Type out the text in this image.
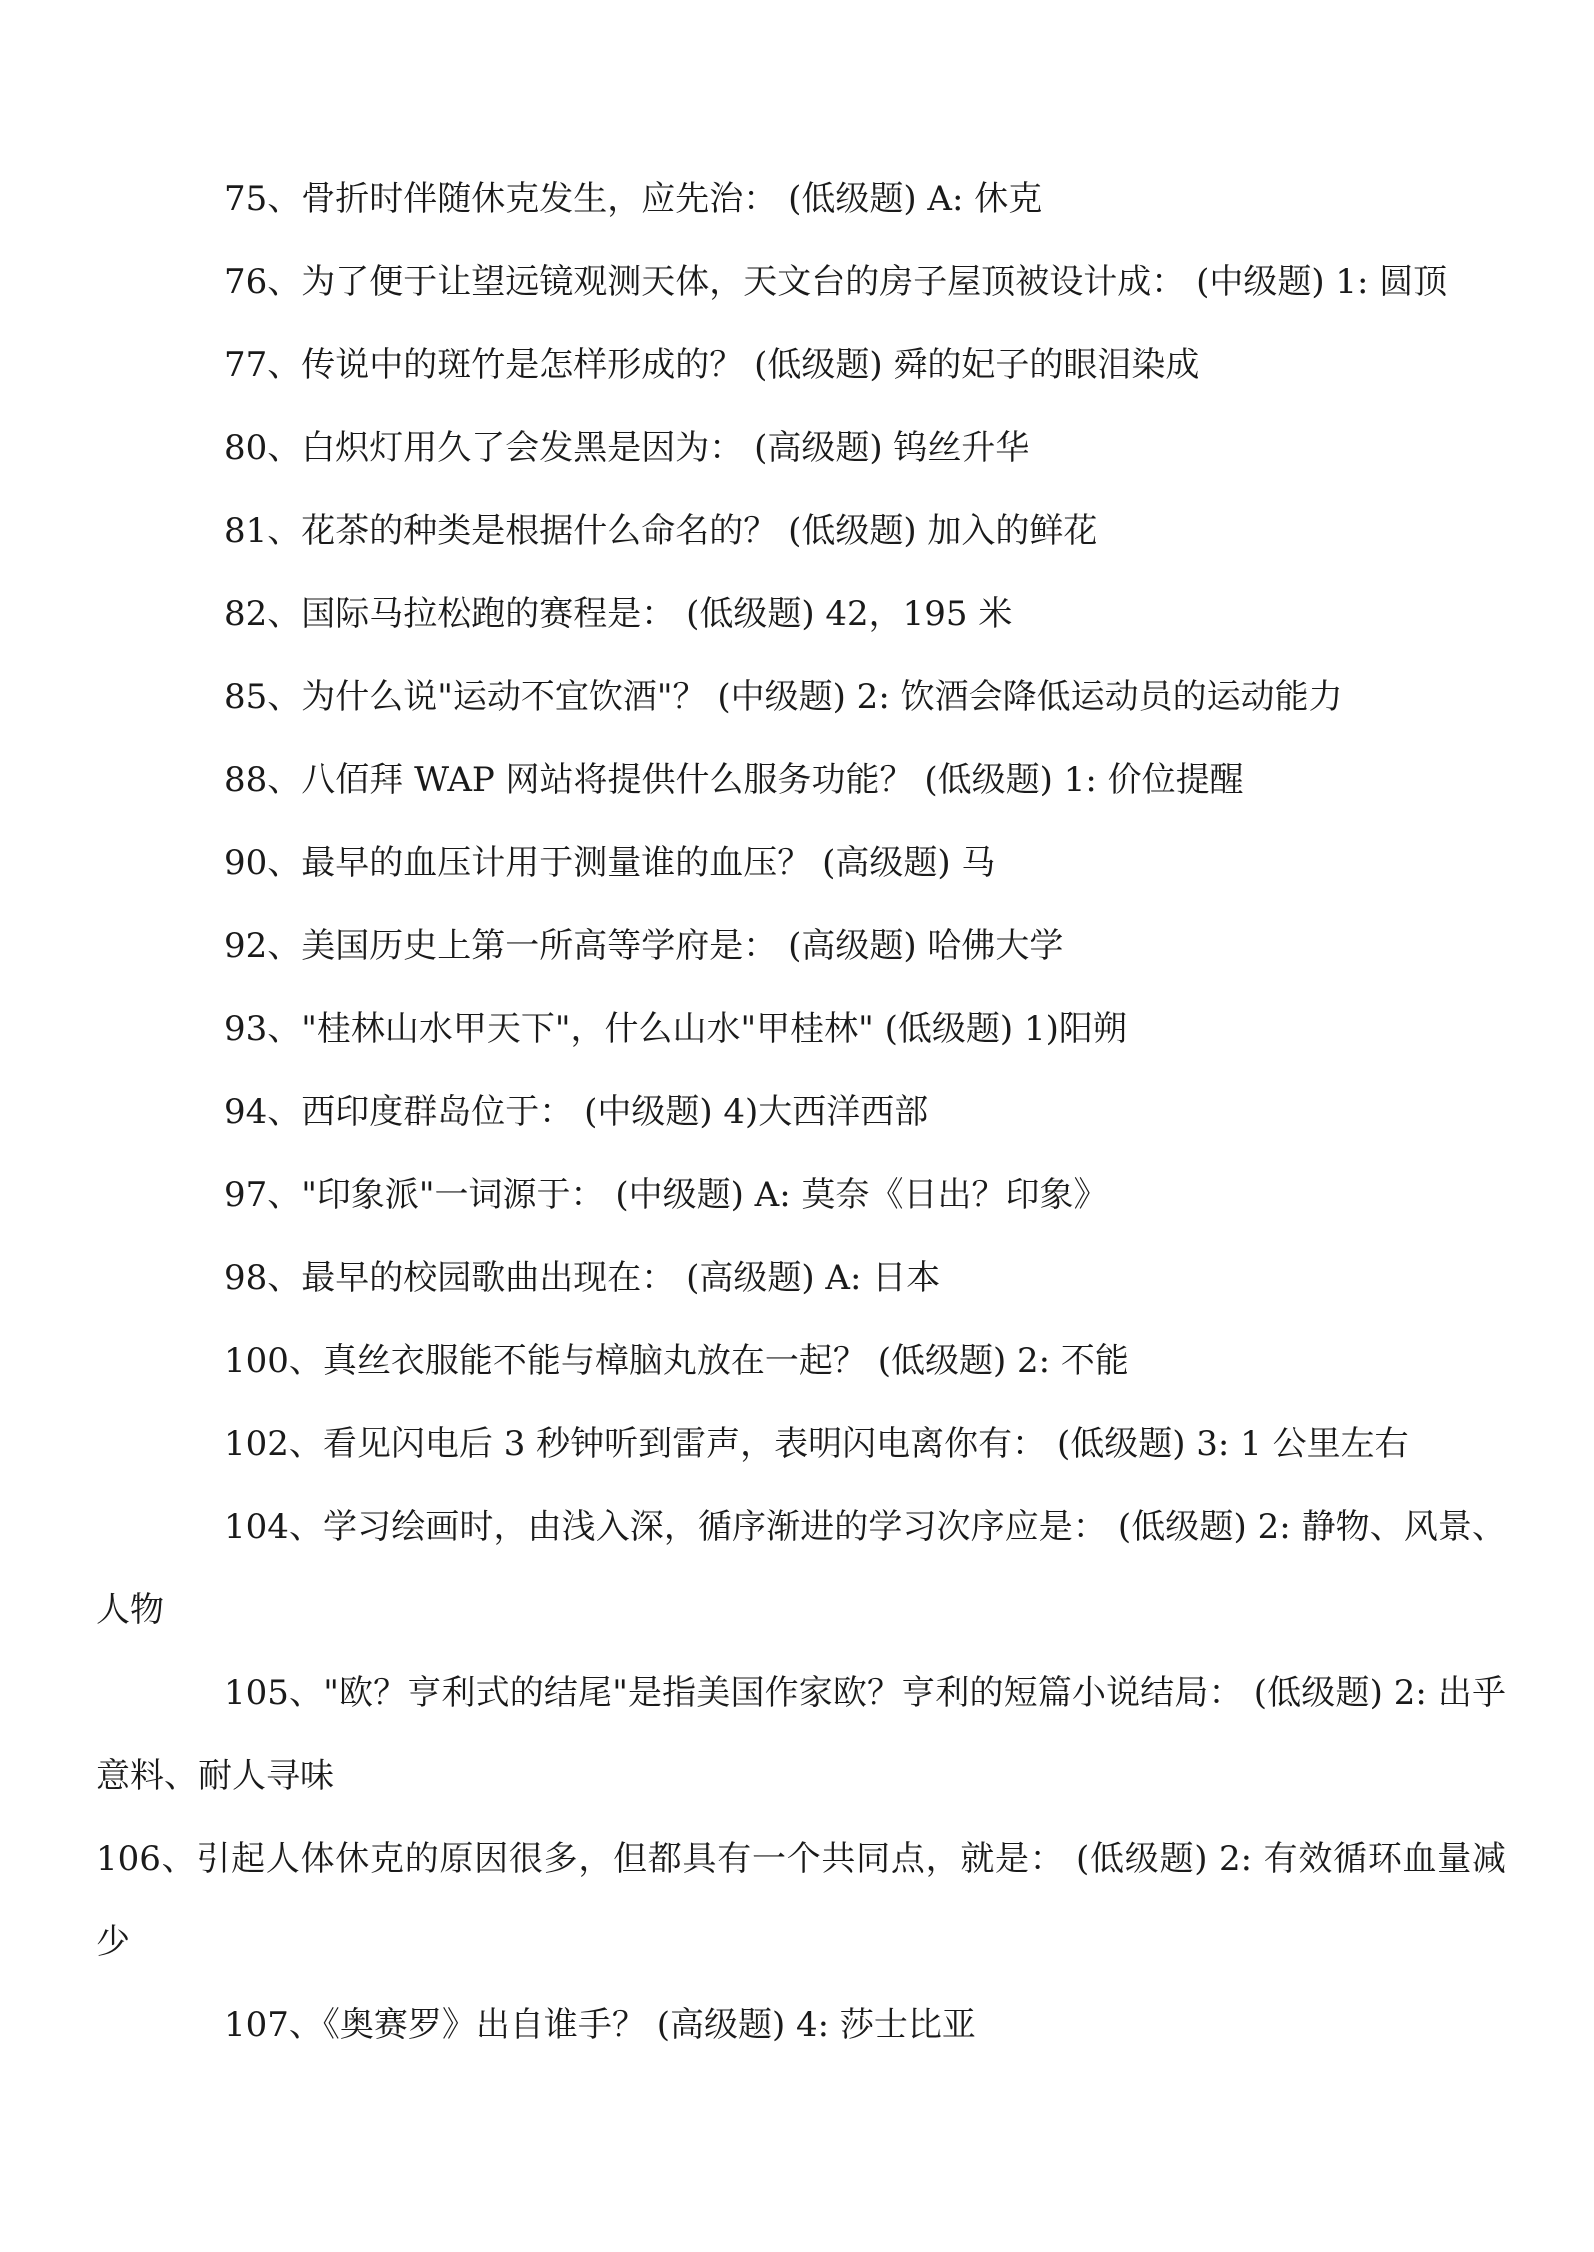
75、骨折时伴随休克发生，应先治： (低级题) A: 休克

76、为了便于让望远镜观测天体，天文台的房子屋顶被设计成： (中级题) 1: 圆顶

77、传说中的斑竹是怎样形成的？ (低级题) 舜的妃子的眼泪染成

80、白炽灯用久了会发黑是因为： (高级题) 钨丝升华

81、花茶的种类是根据什么命名的？ (低级题) 加入的鲜花

82、国际马拉松跑的赛程是： (低级题) 42，195 米

85、为什么说"运动不宜饮酒"？ (中级题) 2: 饮酒会降低运动员的运动能力

88、八佰拜 WAP 网站将提供什么服务功能？ (低级题) 1: 价位提醒

90、最早的血压计用于测量谁的血压？ (高级题) 马

92、美国历史上第一所高等学府是： (高级题) 哈佛大学

93、"桂林山水甲天下"，什么山水"甲桂林" (低级题) 1)阳朔

94、西印度群岛位于： (中级题) 4)大西洋西部

97、"印象派"一词源于： (中级题) A: 莫奈《日出？印象》

98、最早的校园歌曲出现在： (高级题) A: 日本

100、真丝衣服能不能与樟脑丸放在一起？ (低级题) 2: 不能

102、看见闪电后 3 秒钟听到雷声，表明闪电离你有： (低级题) 3: 1 公里左右

104、学习绘画时，由浅入深，循序渐进的学习次序应是： (低级题) 2: 静物、风景、人物

105、"欧？亨利式的结尾"是指美国作家欧？亨利的短篇小说结局： (低级题) 2: 出乎意料、耐人寻味

106、引起人体休克的原因很多，但都具有一个共同点，就是： (低级题) 2: 有效循环血量减少

107、《奥赛罗》出自谁手？ (高级题) 4: 莎士比亚
